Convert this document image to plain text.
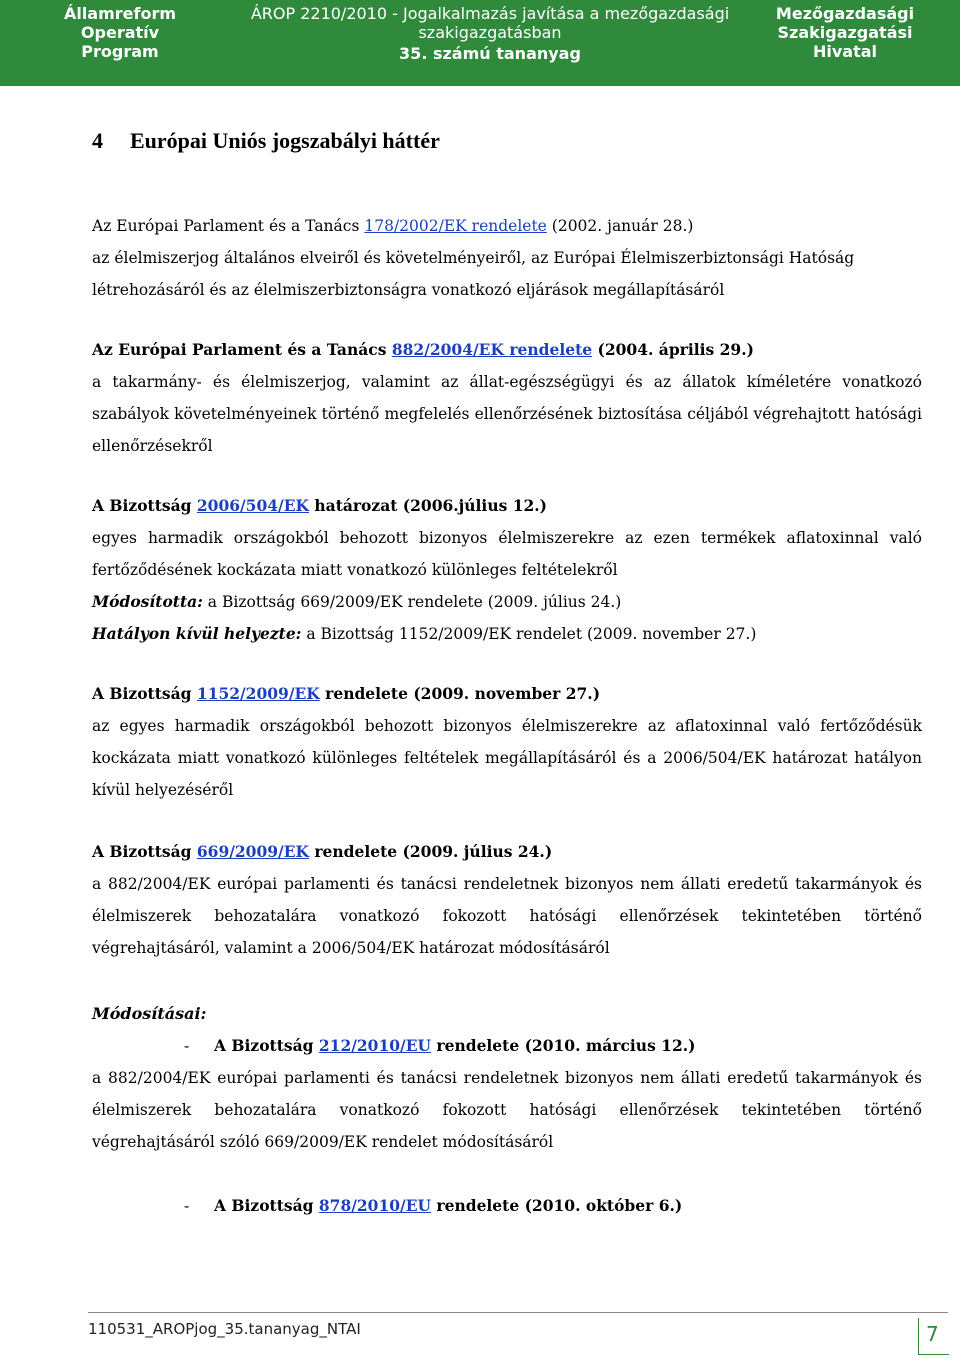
Államreform
Operatív
Program
ÁROP 2210/2010 - Jogalkalmazás javítása a mezőgazdasági
szakigazgatásban
35. számú tananyag
Mezőgazdasági
Szakigazgatási
Hivatal
4 Európai Uniós jogszabályi háttér
Az Európai Parlament és a Tanács 178/2002/EK rendelete (2002. január 28.)
az élelmiszerjog általános elveiről és követelményeiről, az Európai Élelmiszerbiztonsági Hatóság létrehozásáról és az élelmiszerbiztonságra vonatkozó eljárások megállapításáról
Az Európai Parlament és a Tanács 882/2004/EK rendelete (2004. április 29.)
a takarmány- és élelmiszerjog, valamint az állat-egészségügyi és az állatok kíméletére vonatkozó szabályok követelményeinek történő megfelelés ellenőrzésének biztosítása céljából végrehajtott hatósági ellenőrzésekről
A Bizottság 2006/504/EK határozat (2006.július 12.)
egyes harmadik országokból behozott bizonyos élelmiszerekre az ezen termékek aflatoxinnal való fertőződésének kockázata miatt vonatkozó különleges feltételekről
Módosította: a Bizottság 669/2009/EK rendelete (2009. július 24.)
Hatályon kívül helyezte: a Bizottság 1152/2009/EK rendelet (2009. november 27.)
A Bizottság 1152/2009/EK rendelete (2009. november 27.)
az egyes harmadik országokból behozott bizonyos élelmiszerekre az aflatoxinnal való fertőződésük kockázata miatt vonatkozó különleges feltételek megállapításáról és a 2006/504/EK határozat hatályon kívül helyezéséről
A Bizottság 669/2009/EK rendelete (2009. július 24.)
a 882/2004/EK európai parlamenti és tanácsi rendeletnek bizonyos nem állati eredetű takarmányok és élelmiszerek behozatalára vonatkozó fokozott hatósági ellenőrzések tekintetében történő végrehajtásáról, valamint a 2006/504/EK határozat módosításáról
Módosításai:
- A Bizottság 212/2010/EU rendelete (2010. március 12.)
a 882/2004/EK európai parlamenti és tanácsi rendeletnek bizonyos nem állati eredetű takarmányok és élelmiszerek behozatalára vonatkozó fokozott hatósági ellenőrzések tekintetében történő végrehajtásáról szóló 669/2009/EK rendelet módosításáról
- A Bizottság 878/2010/EU rendelete (2010. október 6.)
110531_AROPjog_35.tananyag_NTAI	7
